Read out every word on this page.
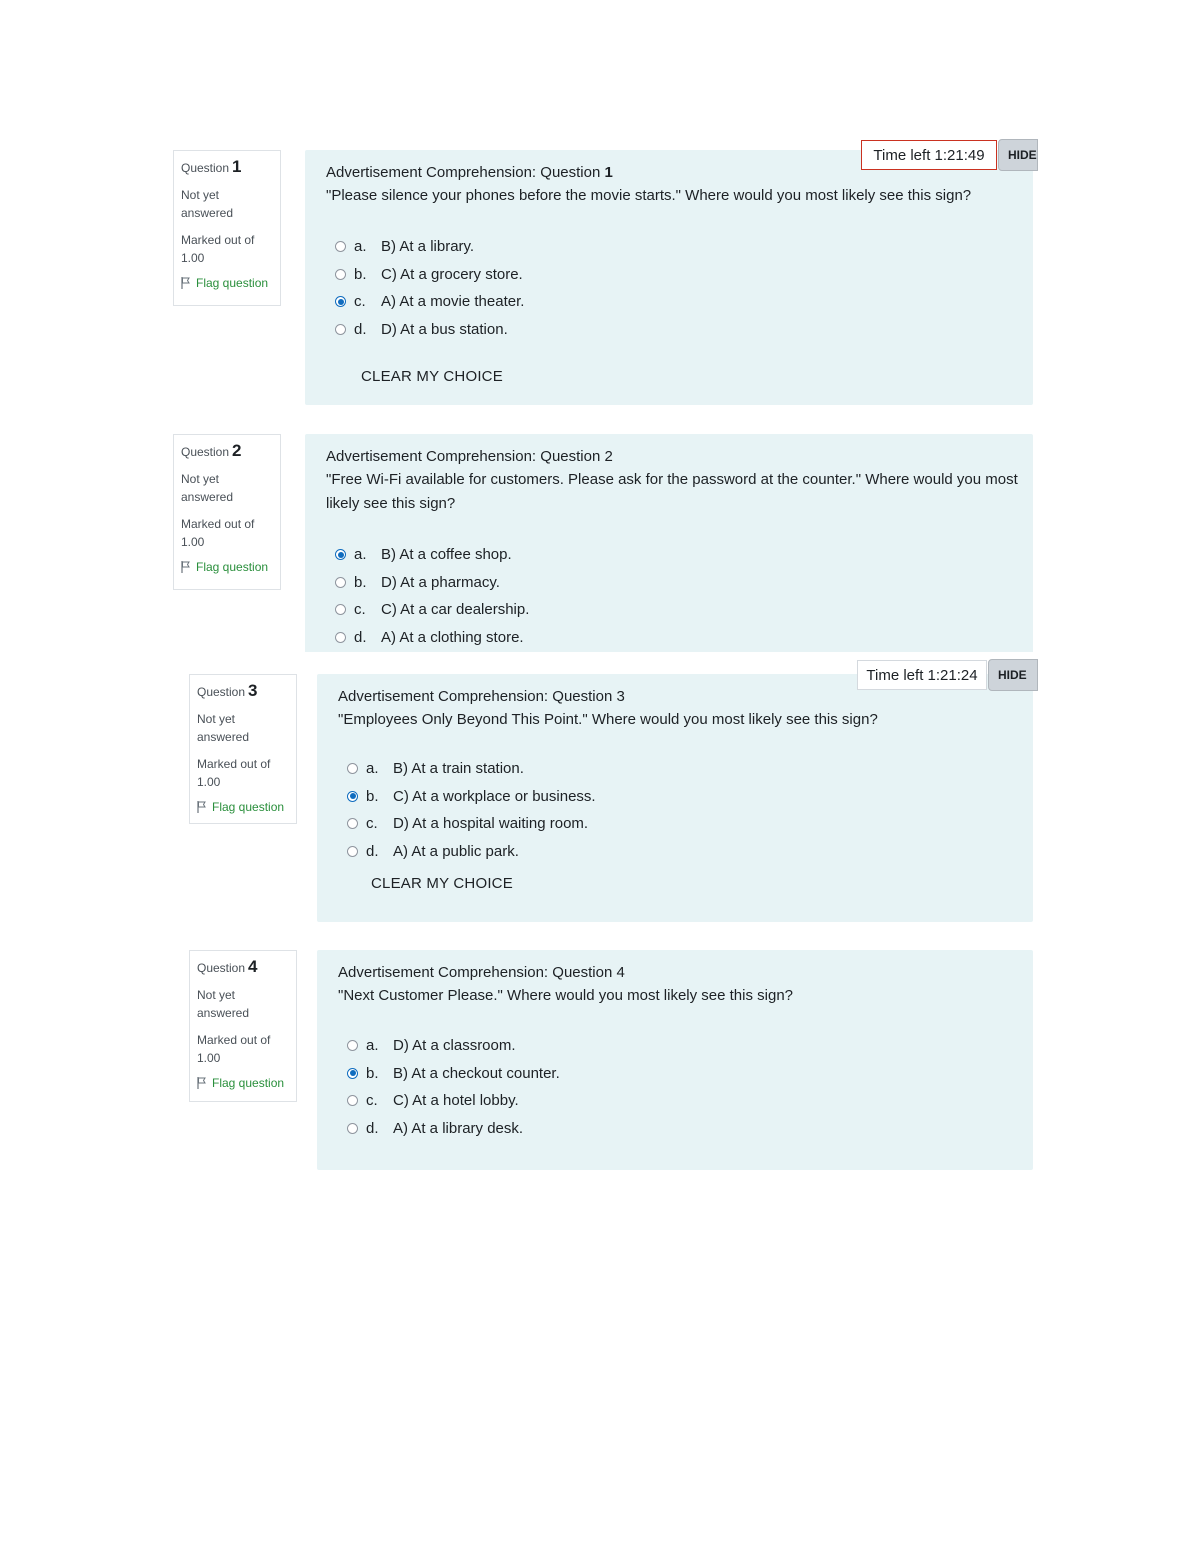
Question 1
Not yet answered
Marked out of 1.00
Flag question
Advertisement Comprehension: Question 1
"Please silence your phones before the movie starts." Where would you most likely see this sign?
a. B) At a library.
b. C) At a grocery store.
c.	A) At a movie theater.
d. D) At a bus station.
CLEAR MY CHOICE
Time left 1:21:49	HIDE
Question 2
Not yet answered
Marked out of 1.00
Flag question
Advertisement Comprehension: Question 2
"Free Wi-Fi available for customers. Please ask for the password at the counter." Where would you most likely see this sign?
a. B) At a coffee shop.
b. D) At a pharmacy.
c.	C) At a car dealership.
d. A) At a clothing store.
Question 3
Not yet answered
Marked out of 1.00
Flag question
Advertisement Comprehension: Question 3
"Employees Only Beyond This Point." Where would you most likely see this sign?
a. B) At a train station.
b. C) At a workplace or business.
c.	D) At a hospital waiting room.
d. A) At a public park.
CLEAR MY CHOICE
Time left 1:21:24	HIDE
Question 4
Not yet answered
Marked out of 1.00
Flag question
Advertisement Comprehension: Question 4
"Next Customer Please." Where would you most likely see this sign?
a. D) At a classroom.
b. B) At a checkout counter.
c.	C) At a hotel lobby.
d. A) At a library desk.
